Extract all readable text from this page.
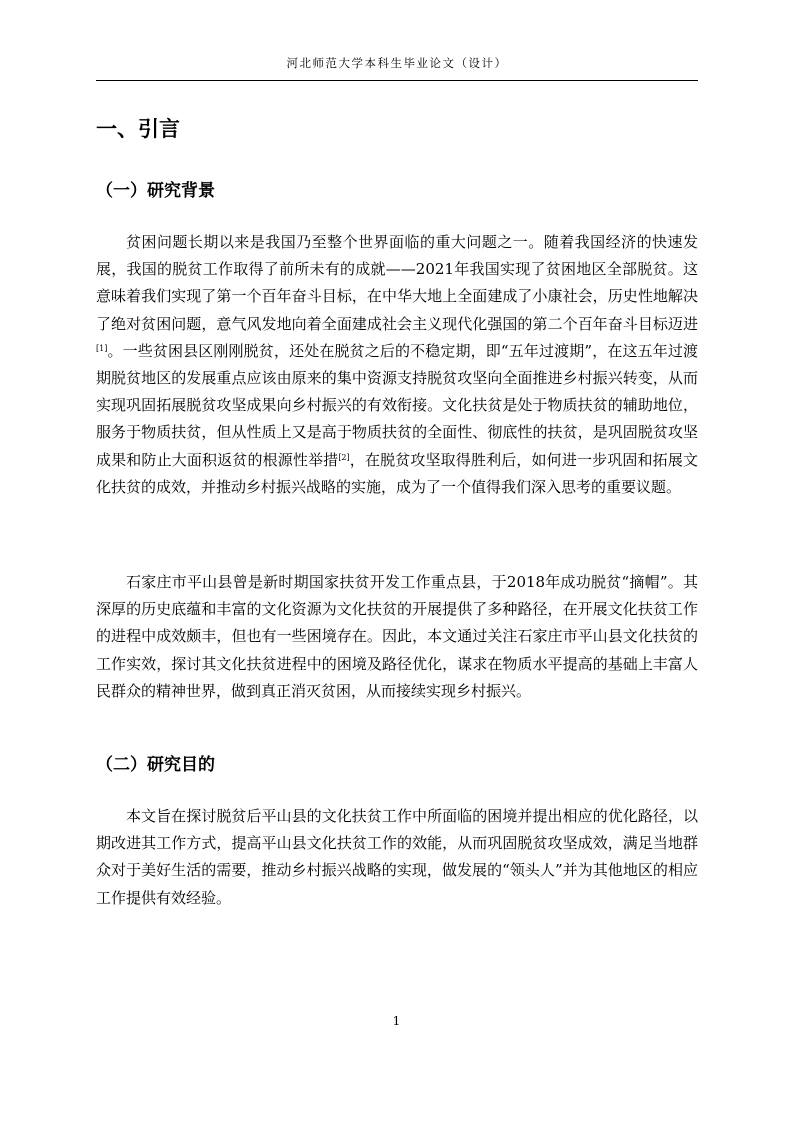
河北师范大学本科生毕业论文（设计）
一、引言
（一）研究背景

贫困问题长期以来是我国乃至整个世界面临的重大问题之一。随着我国经济的快速发展，我国的脱贫工作取得了前所未有的成就——2021年我国实现了贫困地区全部脱贫。这意味着我们实现了第一个百年奋斗目标，在中华大地上全面建成了小康社会，历史性地解决了绝对贫困问题，意气风发地向着全面建成社会主义现代化强国的第二个百年奋斗目标迈进[1]。一些贫困县区刚刚脱贫，还处在脱贫之后的不稳定期，即“五年过渡期”，在这五年过渡期脱贫地区的发展重点应该由原来的集中资源支持脱贫攻坚向全面推进乡村振兴转变，从而实现巩固拓展脱贫攻坚成果向乡村振兴的有效衔接。文化扶贫是处于物质扶贫的辅助地位，服务于物质扶贫，但从性质上又是高于物质扶贫的全面性、彻底性的扶贫，是巩固脱贫攻坚成果和防止大面积返贫的根源性举措[2]，在脱贫攻坚取得胜利后，如何进一步巩固和拓展文化扶贫的成效，并推动乡村振兴战略的实施，成为了一个值得我们深入思考的重要议题。

石家庄市平山县曾是新时期国家扶贫开发工作重点县，于2018年成功脱贫“摘帽”。其深厚的历史底蕴和丰富的文化资源为文化扶贫的开展提供了多种路径，在开展文化扶贫工作的进程中成效颇丰，但也有一些困境存在。因此，本文通过关注石家庄市平山县文化扶贫的工作实效，探讨其文化扶贫进程中的困境及路径优化，谋求在物质水平提高的基础上丰富人民群众的精神世界，做到真正消灭贫困，从而接续实现乡村振兴。

（二）研究目的

本文旨在探讨脱贫后平山县的文化扶贫工作中所面临的困境并提出相应的优化路径，以期改进其工作方式，提高平山县文化扶贫工作的效能，从而巩固脱贫攻坚成效，满足当地群众对于美好生活的需要，推动乡村振兴战略的实现，做发展的“领头人”并为其他地区的相应工作提供有效经验。

1
